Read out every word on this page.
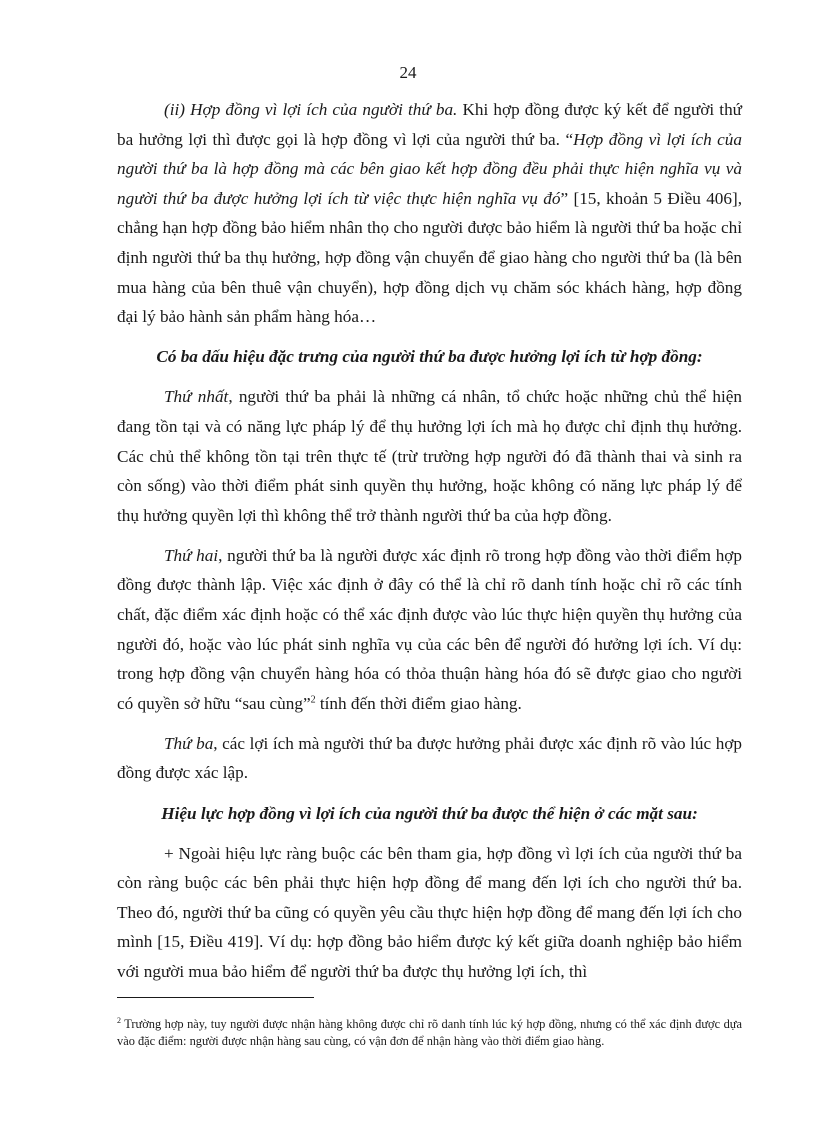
24

(ii) Hợp đồng vì lợi ích của người thứ ba. Khi hợp đồng được ký kết để người thứ ba hưởng lợi thì được gọi là hợp đồng vì lợi của người thứ ba. “Hợp đồng vì lợi ích của người thứ ba là hợp đồng mà các bên giao kết hợp đồng đều phải thực hiện nghĩa vụ và người thứ ba được hưởng lợi ích từ việc thực hiện nghĩa vụ đó” [15, khoản 5 Điều 406], chẳng hạn hợp đồng bảo hiểm nhân thọ cho người được bảo hiểm là người thứ ba hoặc chỉ định người thứ ba thụ hưởng, hợp đồng vận chuyển để giao hàng cho người thứ ba (là bên mua hàng của bên thuê vận chuyển), hợp đồng dịch vụ chăm sóc khách hàng, hợp đồng đại lý bảo hành sản phẩm hàng hóa…

Có ba dấu hiệu đặc trưng của người thứ ba được hưởng lợi ích từ hợp đồng:

Thứ nhất, người thứ ba phải là những cá nhân, tổ chức hoặc những chủ thể hiện đang tồn tại và có năng lực pháp lý để thụ hưởng lợi ích mà họ được chỉ định thụ hưởng. Các chủ thể không tồn tại trên thực tế (trừ trường hợp người đó đã thành thai và sinh ra còn sống) vào thời điểm phát sinh quyền thụ hưởng, hoặc không có năng lực pháp lý để thụ hưởng quyền lợi thì không thể trở thành người thứ ba của hợp đồng.

Thứ hai, người thứ ba là người được xác định rõ trong hợp đồng vào thời điểm hợp đồng được thành lập. Việc xác định ở đây có thể là chỉ rõ danh tính hoặc chỉ rõ các tính chất, đặc điểm xác định hoặc có thể xác định được vào lúc thực hiện quyền thụ hưởng của người đó, hoặc vào lúc phát sinh nghĩa vụ của các bên để người đó hưởng lợi ích. Ví dụ: trong hợp đồng vận chuyển hàng hóa có thỏa thuận hàng hóa đó sẽ được giao cho người có quyền sở hữu “sau cùng”$^2$ tính đến thời điểm giao hàng.

Thứ ba, các lợi ích mà người thứ ba được hưởng phải được xác định rõ vào lúc hợp đồng được xác lập.

Hiệu lực hợp đồng vì lợi ích của người thứ ba được thể hiện ở các mặt sau:

+ Ngoài hiệu lực ràng buộc các bên tham gia, hợp đồng vì lợi ích của người thứ ba còn ràng buộc các bên phải thực hiện hợp đồng để mang đến lợi ích cho người thứ ba. Theo đó, người thứ ba cũng có quyền yêu cầu thực hiện hợp đồng để mang đến lợi ích cho mình [15, Điều 419]. Ví dụ: hợp đồng bảo hiểm được ký kết giữa doanh nghiệp bảo hiểm với người mua bảo hiểm để người thứ ba được thụ hưởng lợi ích, thì

$^2$ Trường hợp này, tuy người được nhận hàng không được chỉ rõ danh tính lúc ký hợp đồng, nhưng có thể xác định được dựa vào đặc điểm: người được nhận hàng sau cùng, có vận đơn để nhận hàng vào thời điểm giao hàng.
